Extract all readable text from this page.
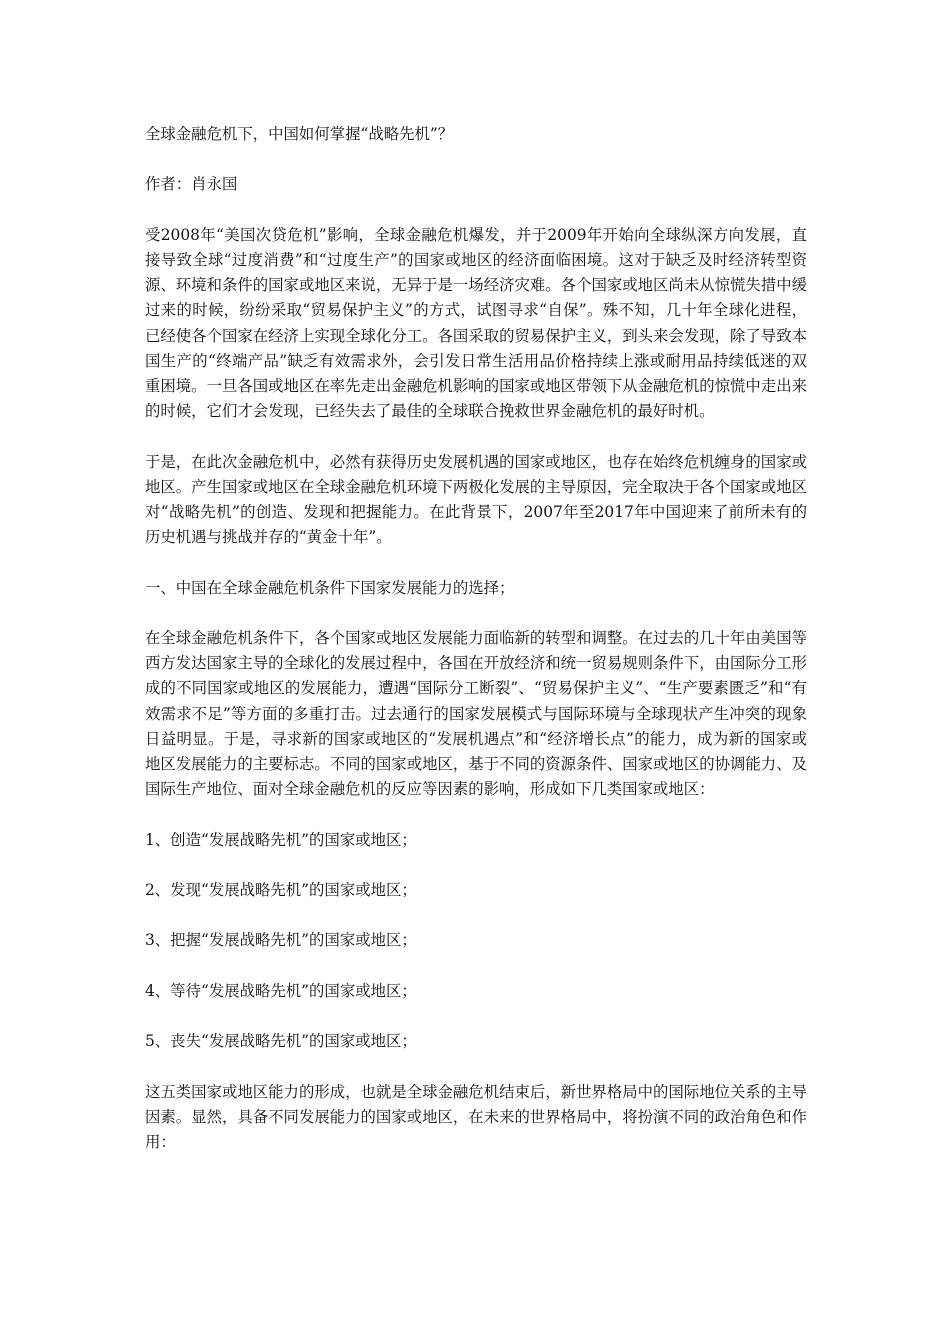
全球金融危机下，中国如何掌握“战略先机”？

作者：肖永国

受2008年“美国次贷危机”影响，全球金融危机爆发，并于2009年开始向全球纵深方向发展，直接导致全球“过度消费”和“过度生产”的国家或地区的经济面临困境。这对于缺乏及时经济转型资源、环境和条件的国家或地区来说，无异于是一场经济灾难。各个国家或地区尚未从惊慌失措中缓过来的时候，纷纷采取“贸易保护主义”的方式，试图寻求“自保”。殊不知，几十年全球化进程，已经使各个国家在经济上实现全球化分工。各国采取的贸易保护主义，到头来会发现，除了导致本国生产的“终端产品”缺乏有效需求外，会引发日常生活用品价格持续上涨或耐用品持续低迷的双重困境。一旦各国或地区在率先走出金融危机影响的国家或地区带领下从金融危机的惊慌中走出来的时候，它们才会发现，已经失去了最佳的全球联合挽救世界金融危机的最好时机。

于是，在此次金融危机中，必然有获得历史发展机遇的国家或地区，也存在始终危机缠身的国家或地区。产生国家或地区在全球金融危机环境下两极化发展的主导原因，完全取决于各个国家或地区对“战略先机”的创造、发现和把握能力。在此背景下，2007年至2017年中国迎来了前所未有的历史机遇与挑战并存的“黄金十年”。

一、中国在全球金融危机条件下国家发展能力的选择；

在全球金融危机条件下，各个国家或地区发展能力面临新的转型和调整。在过去的几十年由美国等西方发达国家主导的全球化的发展过程中，各国在开放经济和统一贸易规则条件下，由国际分工形成的不同国家或地区的发展能力，遭遇“国际分工断裂”、“贸易保护主义”、“生产要素匮乏”和“有效需求不足”等方面的多重打击。过去通行的国家发展模式与国际环境与全球现状产生冲突的现象日益明显。于是，寻求新的国家或地区的“发展机遇点”和“经济增长点”的能力，成为新的国家或地区发展能力的主要标志。不同的国家或地区，基于不同的资源条件、国家或地区的协调能力、及国际生产地位、面对全球金融危机的反应等因素的影响，形成如下几类国家或地区：

1、创造“发展战略先机”的国家或地区；

2、发现“发展战略先机”的国家或地区；

3、把握“发展战略先机”的国家或地区；

4、等待“发展战略先机”的国家或地区；

5、丧失“发展战略先机”的国家或地区；

这五类国家或地区能力的形成，也就是全球金融危机结束后，新世界格局中的国际地位关系的主导因素。显然，具备不同发展能力的国家或地区，在未来的世界格局中，将扮演不同的政治角色和作用：
